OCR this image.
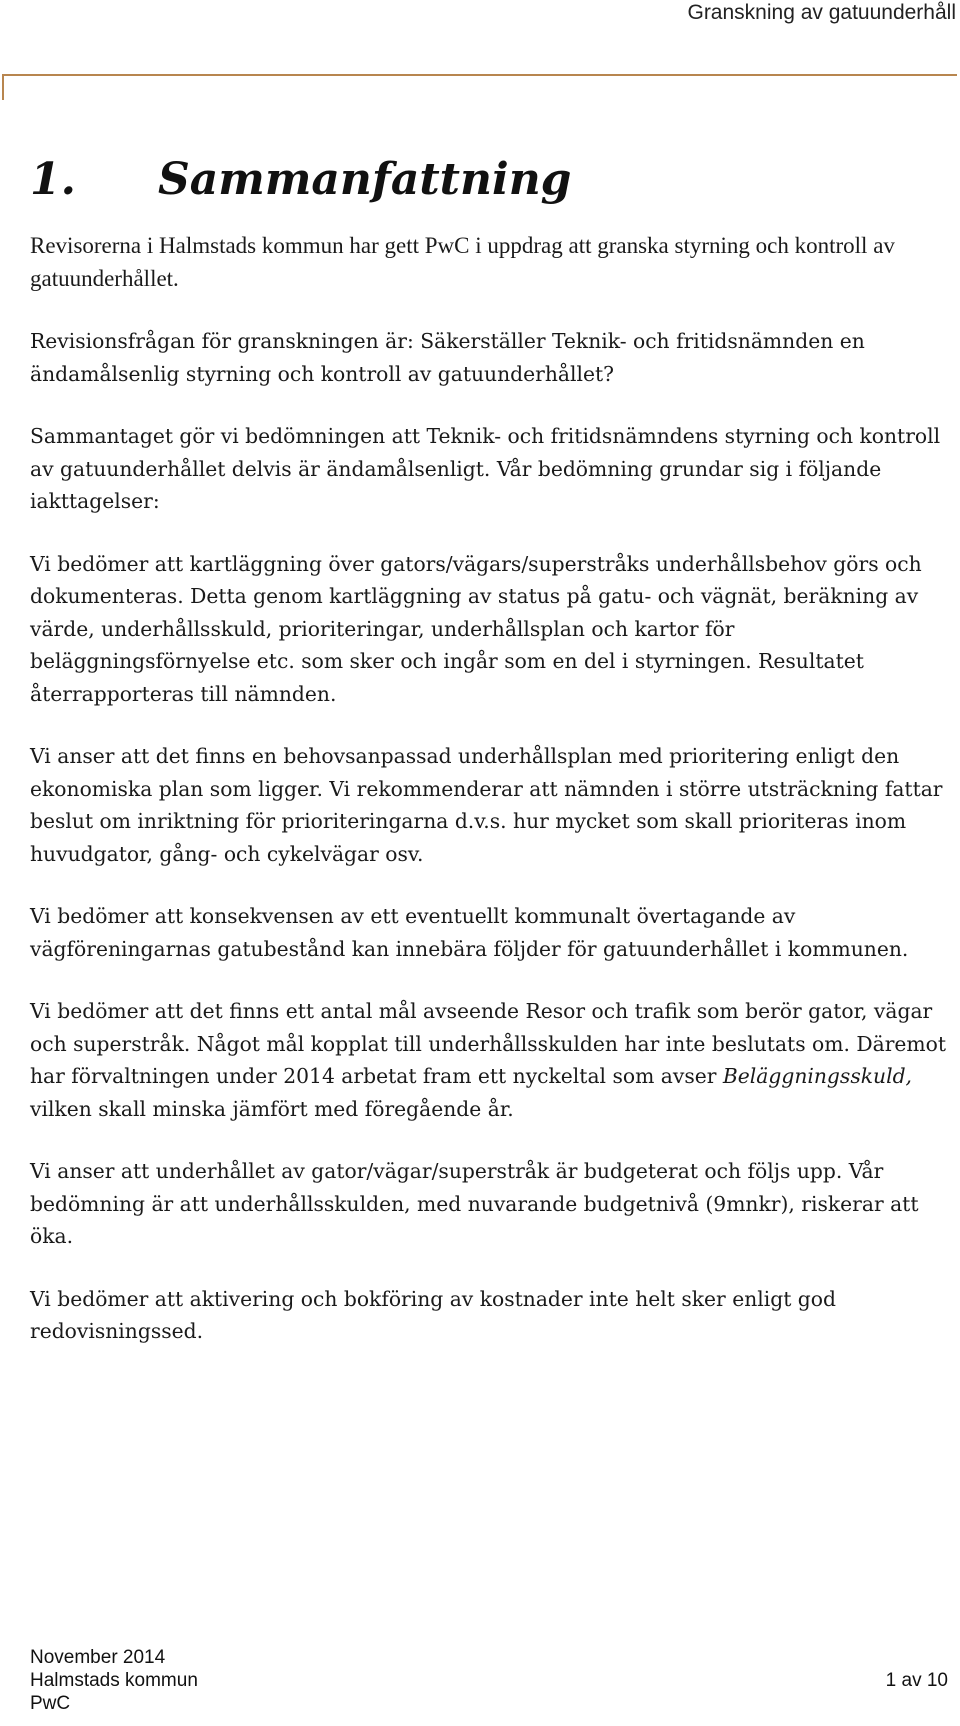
Granskning av gatuunderhåll
1. Sammanfattning

Revisorerna i Halmstads kommun har gett PwC i uppdrag att granska styrning och kontroll av gatuunderhållet.

Revisionsfrågan för granskningen är: Säkerställer Teknik- och fritidsnämnden en ändamålsenlig styrning och kontroll av gatuunderhållet?

Sammantaget gör vi bedömningen att Teknik- och fritidsnämndens styrning och kontroll av gatuunderhållet delvis är ändamålsenligt. Vår bedömning grundar sig i följande iakttagelser:

Vi bedömer att kartläggning över gators/vägars/superstråks underhållsbehov görs och dokumenteras. Detta genom kartläggning av status på gatu- och vägnät, beräkning av värde, underhållsskuld, prioriteringar, underhållsplan och kartor för beläggningsförnyelse etc. som sker och ingår som en del i styrningen. Resultatet återrapporteras till nämnden.

Vi anser att det finns en behovsanpassad underhållsplan med prioritering enligt den ekonomiska plan som ligger. Vi rekommenderar att nämnden i större utsträckning fattar beslut om inriktning för prioriteringarna d.v.s. hur mycket som skall prioriteras inom huvudgator, gång- och cykelvägar osv.

Vi bedömer att konsekvensen av ett eventuellt kommunalt övertagande av vägföreningarnas gatubestånd kan innebära följder för gatuunderhållet i kommunen.

Vi bedömer att det finns ett antal mål avseende Resor och trafik som berör gator, vägar och superstråk. Något mål kopplat till underhållsskulden har inte beslutats om. Däremot har förvaltningen under 2014 arbetat fram ett nyckeltal som avser Beläggningsskuld, vilken skall minska jämfört med föregående år.

Vi anser att underhållet av gator/vägar/superstråk är budgeterat och följs upp. Vår bedömning är att underhållsskulden, med nuvarande budgetnivå (9mnkr), riskerar att öka.

Vi bedömer att aktivering och bokföring av kostnader inte helt sker enligt god redovisningssed.

November 2014
Halmstads kommun	1 av 10
PwC
